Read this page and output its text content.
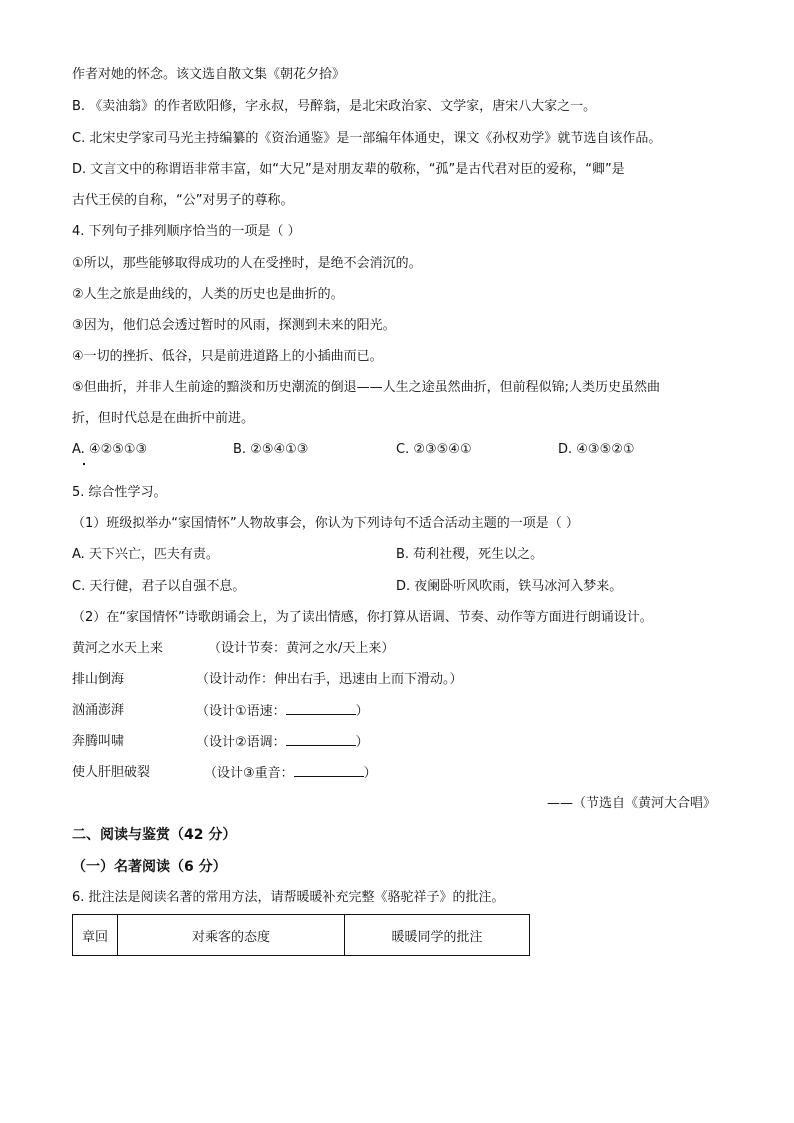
作者对她的怀念。该文选自散文集《朝花夕拾》
B. 《卖油翁》的作者欧阳修，字永叔，号醉翁，是北宋政治家、文学家，唐宋八大家之一。
C. 北宋史学家司马光主持编纂的《资治通鉴》是一部编年体通史，课文《孙权劝学》就节选自该作品。
D. 文言文中的称谓语非常丰富，如“大兄”是对朋友辈的敬称，“孤”是古代君对臣的爱称，“卿”是
古代王侯的自称，“公”对男子的尊称。
4. 下列句子排列顺序恰当的一项是（ ）
①所以，那些能够取得成功的人在受挫时，是绝不会消沉的。
②人生之旅是曲线的，人类的历史也是曲折的。
③因为，他们总会透过暂时的风雨，探测到未来的阳光。
④一切的挫折、低谷，只是前进道路上的小插曲而已。
⑤但曲折，并非人生前途的黯淡和历史潮流的倒退——人生之途虽然曲折，但前程似锦;人类历史虽然曲
折，但时代总是在曲折中前进。
A. ④②⑤①③	B. ②⑤④①③	C. ②③⑤④①	D. ④③⑤②①
5. 综合性学习。
（1）班级拟举办“家国情怀”人物故事会，你认为下列诗句不适合活动主题的一项是（ ）
A. 天下兴亡，匹夫有责。	B. 苟利社稷，死生以之。
C. 天行健，君子以自强不息。	D. 夜阑卧听风吹雨，铁马冰河入梦来。
（2）在“家国情怀”诗歌朗诵会上，为了读出情感，你打算从语调、节奏、动作等方面进行朗诵设计。
黄河之水天上来	（设计节奏：黄河之水/天上来）
排山倒海	（设计动作：伸出右手，迅速由上而下滑动。）
汹涌澎湃	（设计①语速：	）
奔腾叫啸	（设计②语调：	）
使人肝胆破裂	（设计③重音：	）
——（节选自《黄河大合唱》
二、阅读与鉴赏（42 分）
（一）名著阅读（6 分）
6. 批注法是阅读名著的常用方法，请帮暖暖补充完整《骆驼祥子》的批注。
章回	对乘客的态度	暖暖同学的批注
